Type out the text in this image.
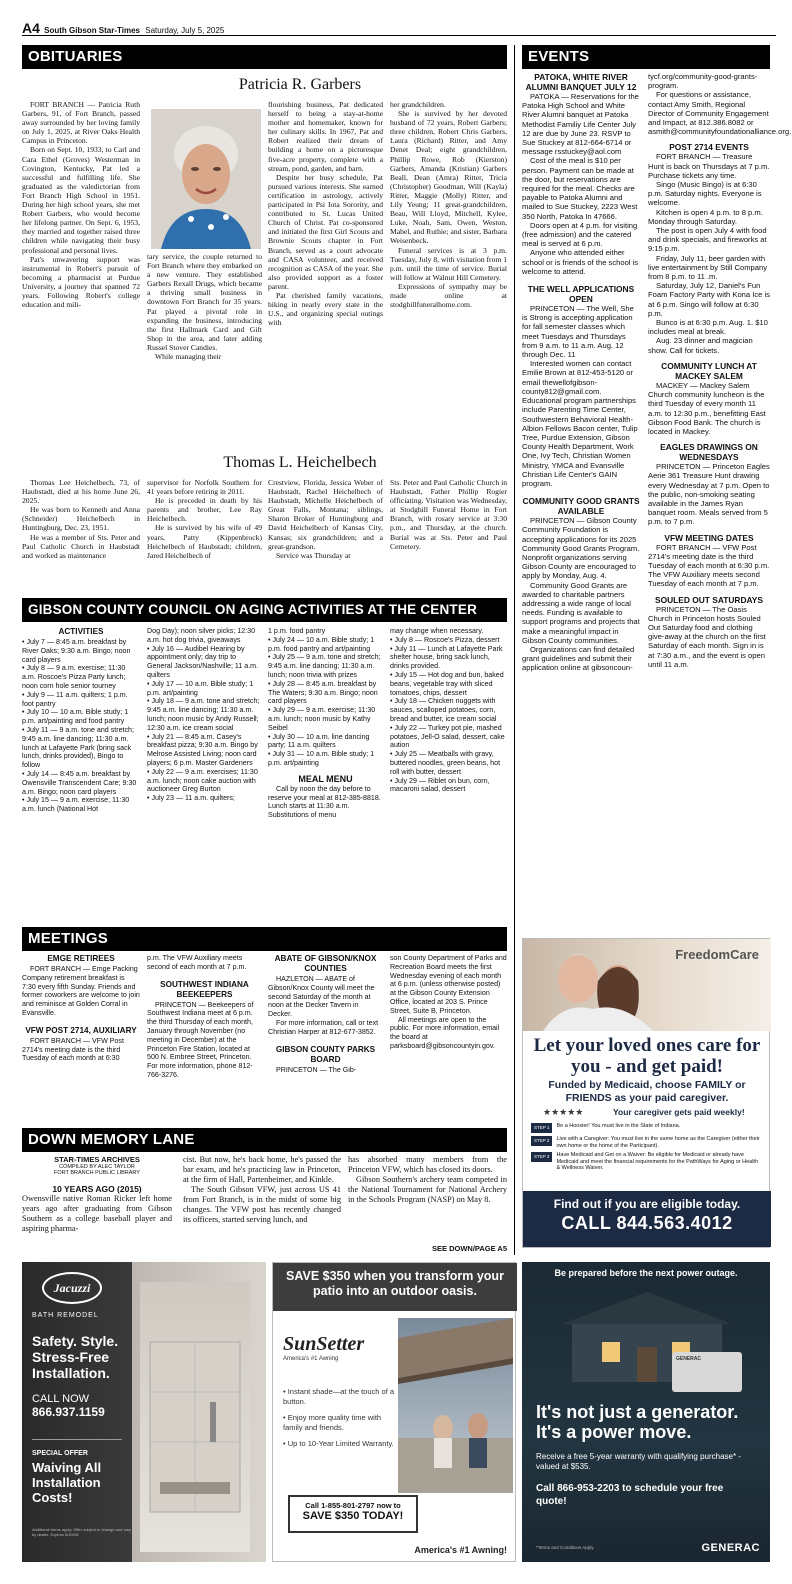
A4 South Gibson Star-Times Saturday, July 5, 2025
OBITUARIES
Patricia R. Garbers

FORT BRANCH — Patricia Ruth Garbers, 91, of Fort Branch, passed away surrounded by her loving family on July 1, 2025, at River Oaks Health Campus in Princeton.

Born on Sept. 10, 1933, to Carl and Cara Ethel (Groves) Westerman in Covington, Kentucky, Pat led a successful and fulfilling life. She graduated as the valedictorian from Fort Branch High School in 1951. During her high school years, she met Robert Garbers, who would become her lifelong partner. On Sept. 6, 1953, they married and together raised three children while navigating their busy professional and personal lives.

Pat's unwavering support was instrumental in Robert's pursuit of becoming a pharmacist at Purdue University, a journey that spanned 72 years. Following Robert's college education and mili-

tary service, the couple returned to Fort Branch where they embarked on a new venture. They established Garbers Rexall Drugs, which became a thriving small business in downtown Fort Branch for 35 years. Pat played a pivotal role in expanding the business, introducing the first Hallmark Card and Gift Shop in the area, and later adding Russel Stover Candies.

While managing their

flourishing business, Pat dedicated herself to being a stay-at-home mother and homemaker, known for her culinary skills. In 1967, Pat and Robert realized their dream of building a home on a picturesque five-acre property, complete with a stream, pond, garden, and barn.

Despite her busy schedule, Pat pursued various interests. She earned certification in astrology, actively participated in Psi Iota Sorority, and contributed to St. Lucas United Church of Christ. Pat co-sponsored and initiated the first Girl Scouts and Brownie Scouts chapter in Fort Branch, served as a court advocate and CASA volunteer, and received recognition as CASA of the year. She also provided support as a foster parent.

Pat cherished family vacations, hiking in nearly every state in the U.S., and organizing special outings with

her grandchildren.

She is survived by her devoted husband of 72 years, Robert Garbers; three children, Robert Chris Garbers, Laura (Richard) Ritter, and Amy Denet Deal; eight grandchildren, Phillip Rowe, Rob (Kierston) Garbers, Amanda (Kristian) Garbers Beall, Dean (Amra) Ritter, Tricia (Christopher) Goodman, Will (Kayla) Ritter, Maggie (Molly) Ritter, and Lily Yeung; 11 great-grandchildren, Beau, Will Lloyd, Mitchell, Kylee, Luke, Noah, Sam, Owen, Weston, Mabel, and Ruthie; and sister, Barbara Weisenbeck.

Funeral services is at 3 p.m. Tuesday, July 8, with visitation from 1 p.m. until the time of service. Burial will follow at Walnut Hill Cemetery.

Expressions of sympathy may be made online at stodghillfuneralhome.com.

Thomas L. Heichelbech

Thomas Lee Heichelbech, 73, of Haubstadt, died at his home June 26, 2025.

He was born to Kenneth and Anna (Schneider) Heichelbech in Huntingburg, Dec. 23, 1951.

He was a member of Sts. Peter and Paul Catholic Church in Haubstadt and worked as maintenance

supervisor for Norfolk Southern for 41 years before retiring in 2011.

He is preceded in death by his parents and brother, Lee Ray Heichelbech.

He is survived by his wife of 49 years, Patty (Kippenbrock) Heichelbech of Haubstadt; children, Jared Heichelbech of

Crestview, Florida, Jessica Weber of Haubstadt, Rachel Heichelbech of Haubstadt, Michelle Heichelbech of Great Falls, Montana; siblings, Sharon Broker of Huntingburg and David Heichelbech of Kansas City, Kansas; six grandchildren; and a great-grandson.

Service was Thursday at

Sts. Peter and Paul Catholic Church in Haubstadt, Father Phillip Rogier officiating. Visitation was Wednesday, at Stodghill Funeral Home in Fort Branch, with rosary service at 3:30 p.m., and Thursday, at the church. Burial was at Sts. Peter and Paul Cemetery.

GIBSON COUNTY COUNCIL ON AGING ACTIVITIES AT THE CENTER
ACTIVITIES
• July 7 — 8:45 a.m. breakfast by River Oaks; 9:30 a.m. Bingo; noon card players
• July 8 — 9 a.m. exercise; 11:30 a.m. Roscoe's Pizza Party lunch; noon corn hole senior tourney
• July 9 — 11 a.m. quilters; 1 p.m. foot pantry
• July 10 — 10 a.m. Bible study; 1 p.m. art/painting and food pantry
• July 11 — 9 a.m. tone and stretch; 9:45 a.m. line dancing; 11:30 a.m. lunch at Lafayette Park (bring sack lunch, drinks provided), Bingo to follow
• July 14 — 8:45 a.m. breakfast by Owensville Transcendent Care; 9:30 a.m. Bingo; noon card players
• July 15 — 9 a.m. exercise; 11:30 a.m. lunch (National Hot
Dog Day); noon silver picks; 12:30 a.m. hot dog trivia, giveaways
• July 16 — Audibel Hearing by appointment only; day trip to General Jackson/Nashville; 11 a.m. quilters
• July 17 — 10 a.m. Bible study; 1 p.m. art/painting
• July 18 — 9 a.m. tone and stretch; 9:45 a.m. line dancing; 11:30 a.m. lunch; noon music by Andy Russell; 12:30 a.m. ice cream social
• July 21 — 8:45 a.m. Casey's breakfast pizza; 9:30 a.m. Bingo by Melrose Assisted Living; noon card players; 6 p.m. Master Gardeners
• July 22 — 9 a.m. exercises; 11:30 a.m. lunch; noon cake auction with auctioneer Greg Burton
• July 23 — 11 a.m. quilters;
1 p.m. food pantry
• July 24 — 10 a.m. Bible study; 1 p.m. food pantry and art/painting
• July 25 — 9 a.m. tone and stretch; 9:45 a.m. line dancing; 11:30 a.m. lunch; noon trivia with prizes
• July 28 — 8:45 a.m. breakfast by The Waters; 9:30 a.m. Bingo; noon card players
• July 29 — 9 a.m. exercise; 11:30 a.m. lunch; noon music by Kathy Seibel
• July 30 — 10 a.m. line dancing party; 11 a.m. quilters
• July 31 — 10 a.m. Bible study; 1 p.m. art/painting
MEAL MENU
Call by noon the day before to reserve your meal at 812-385-8818. Lunch starts at 11:30 a.m. Substitutions of menu
may change when necessary.
• July 8 — Roscoe's Pizza, dessert
• July 11 — Lunch at Lafayette Park shelter house, bring sack lunch, drinks provided.
• July 15 — Hot dog and bun, baked beans, vegetable tray with sliced tomatoes, chips, dessert
• July 18 — Chicken nuggets with sauces, scalloped potatoes, corn, bread and butter, ice cream social
• July 22 — Turkey pot pie, mashed potatoes, Jell-O salad, dessert, cake aution
• July 25 — Meatballs with gravy, buttered noodles, green beans, hot roll with butter, dessert
• July 29 — Riblet on bun, corn, macaroni salad, dessert
MEETINGS
EMGE RETIREES
FORT BRANCH — Emge Packing Company retirement breakfast is 7:30 every fifth Sunday. Friends and former coworkers are welcome to join and reminisce at Golden Corral in Evansville.
VFW POST 2714, AUXILIARY
FORT BRANCH — VFW Post 2714's meeting date is the third Tuesday of each month at 6:30
p.m. The VFW Auxiliary meets second of each month at 7 p.m.
SOUTHWEST INDIANA BEEKEEPERS
PRINCETON — Beekeepers of Southwest Indiana meet at 6 p.m. the third Thursday of each month, January through November (no meeting in December) at the Princeton Fire Station, located at 500 N. Embree Street, Princeton. For more information, phone 812-766-3276.
ABATE OF GIBSON/KNOX COUNTIES
HAZLETON — ABATE of Gibson/Knox County will meet the second Saturday of the month at noon at the Decker Tavern in Decker.
For more information, call or text Christian Harper at 812-677-3852.
GIBSON COUNTY PARKS BOARD
PRINCETON — The Gib-
son County Department of Parks and Recreation Board meets the first Wednesday evening of each month at 6 p.m. (unless otherwise posted) at the Gibson County Extension Office, located at 203 S. Prince Street, Suite B, Princeton.
All meetings are open to the public. For more information, email the board at parksboard@gibsoncountyin.gov.
DOWN MEMORY LANE
STAR-TIMES ARCHIVES
COMPILED BY ALEC TAYLOR
FORT BRANCH PUBLIC LIBRARY
10 YEARS AGO (2015)
Owensville native Roman Ricker left home years ago after graduating from Gibson Southern as a college baseball player and aspiring pharma-

cist. But now, he's back home, he's passed the bar exam, and he's practicing law in Princeton, at the firm of Hall, Partenheimer, and Kinkle.

The South Gibson VFW, just across US 41 from Fort Branch, is in the midst of some big changes. The VFW post has recently changed its officers, started serving lunch, and

has absorbed many members from the Princeton VFW, which has closed its doors.

Gibson Southern's archery team competed in the National Tournament for National Archery in the Schools Program (NASP) on May 8.

SEE DOWN/PAGE A5
EVENTS
PATOKA, WHITE RIVER ALUMNI BANQUET JULY 12

PATOKA — Reservations for the Patoka High School and White River Alumni banquet at Patoka Methodist Familiy Life Center July 12 are due by June 23. RSVP to Sue Stuckey at 812-664-6714 or message rsstuckey@aol.com

Cost of the meal is $10 per person. Payment can be made at the door, but reservations are required for the meal. Checks are payable to Patoka Alumni and mailed to Sue Stuckey, 2223 West 350 North, Patoka In 47666.

Doors open at 4 p.m. for visiting (free admission) and the catered meal is served at 6 p.m.

Anyone who attended either school or is friends of the school is welcome to attend.

THE WELL APPLICATIONS OPEN

PRINCETON — The Well, She is Strong is accepting application for fall semester classes which meet Tuesdays and Thursdays from 9 a.m. to 11 a.m. Aug. 12 through Dec. 11

Interested women can contact Emilie Brown at 812-453-5120 or email thewellofgibson-county812@gmail.com. Educational program partnerships include Parenting Time Center, Southwestern Behavioral Health-Albion Fellows Bacon center, Tulip Tree, Purdue Extension, Gibson County Health Department, Work One, Ivy Tech, Christian Women Ministry, YMCA and Evansville Christian Life Center's GAIN program.

COMMUNITY GOOD GRANTS AVAILABLE

PRINCETON — Gibson County Community Foundation is accepting applications for its 2025 Community Good Grants Program. Nonprofit organizations serving Gibson County are encouraged to apply by Monday, Aug. 4.

Community Good Grants are awarded to charitable partners addressing a wide range of local needs. Funding is available to support programs and projects that make a meaningful impact in Gibson County communities.

Organizations can find detailed grant guidelines and submit their application online at gibsoncoun-

tycf.org/community-good-grants-program.

For questions or assistance, contact Amy Smith, Regional Director of Community Engagement and Impact, at 812.386.8082 or asmith@communityfoundationalliance.org.

POST 2714 EVENTS

FORT BRANCH — Treasure Hunt is back on Thursdays at 7 p.m. Purchase tickets any time.

Singo (Music Bingo) is at 6:30 p.m. Saturday nights. Everyone is welcome.

Kitchen is open 4 p.m. to 8 p.m. Monday through Saturday.

The post is open July 4 with food and drink specials, and fireworks at 9:15 p.m.

Friday, July 11, beer garden with live entertainment by Still Company from 8 p.m. to 11 .m.

Saturday, July 12, Daniel's Fun Foam Factory Party with Kona Ice is at 6 p.m. Singo will follow at 6:30 p.m.

Bunco is at 6:30 p.m. Aug. 1. $10 includes meal at break.

Aug. 23 dinner and magician show. Call for tickets.

COMMUNITY LUNCH AT MACKEY SALEM

MACKEY — Mackey Salem Church community luncheon is the third Tuesday of every month 11 a.m. to 12:30 p.m., benefitting East Gibson Food Bank. The church is located in Mackey.

EAGLES DRAWINGS ON WEDNESDAYS

PRINCETON — Princeton Eagles Aerie 361 Treasure Hunt drawing every Wednesday at 7 p.m. Open to the public, non-smoking seating available in the James Ryan banquet room. Meals served from 5 p.m. to 7 p.m.

VFW MEETING DATES

FORT BRANCH — VFW Post 2714's meeting date is the third Tuesday of each month at 6:30 p.m. The VFW Auxiliary meets second Tuesday of each month at 7 p.m.

SOULED OUT SATURDAYS

PRINCETON — The Oasis Church in Princeton hosts Souled Out Saturday food and clothing give-away at the church on the first Saturday of each month. Sign in is at 7:30 a.m., and the event is open until 11 a.m.

FreedomCare
Let your loved ones care for you - and get paid!
Funded by Medicaid, choose FAMILY or FRIENDS as your paid caregiver.
★★★★★	Your caregiver gets paid weekly!
STEP 1	Be a Hoosier! You must live in the State of Indiana.
STEP 2	Live with a Caregiver: You must live in the same home as the Caregiver (either their own home or the home of the Participant).
STEP 3	Have Medicaid and Get on a Waiver: Be eligible for Medicaid or already have Medicaid and meet the financial requirements for the PathWays for Aging or Health & Wellness Waiver.
Find out if you are eligible today.
CALL 844.563.4012
Jacuzzi
BATH REMODEL
Safety. Style. Stress-Free Installation.
CALL NOW
866.937.1159
SPECIAL OFFER
Waiving All Installation Costs!
Additional terms apply. Offer subject to change and vary by dealer. Expires 6/30/25.
SAVE $350 when you transform your patio into an outdoor oasis.
SunSetter
America's #1 Awning
• Instant shade—at the touch of a button.
• Enjoy more quality time with family and friends.
• Up to 10-Year Limited Warranty.
Call 1-855-801-2797 now to
SAVE $350 TODAY!
America's #1 Awning!
Be prepared before the next power outage.
GENERAC
It's not just a generator. It's a power move.
Receive a free 5-year warranty with qualifying purchase* - valued at $535.
Call 866-953-2203 to schedule your free quote!
*Terms and Conditions Apply.	GENERAC
